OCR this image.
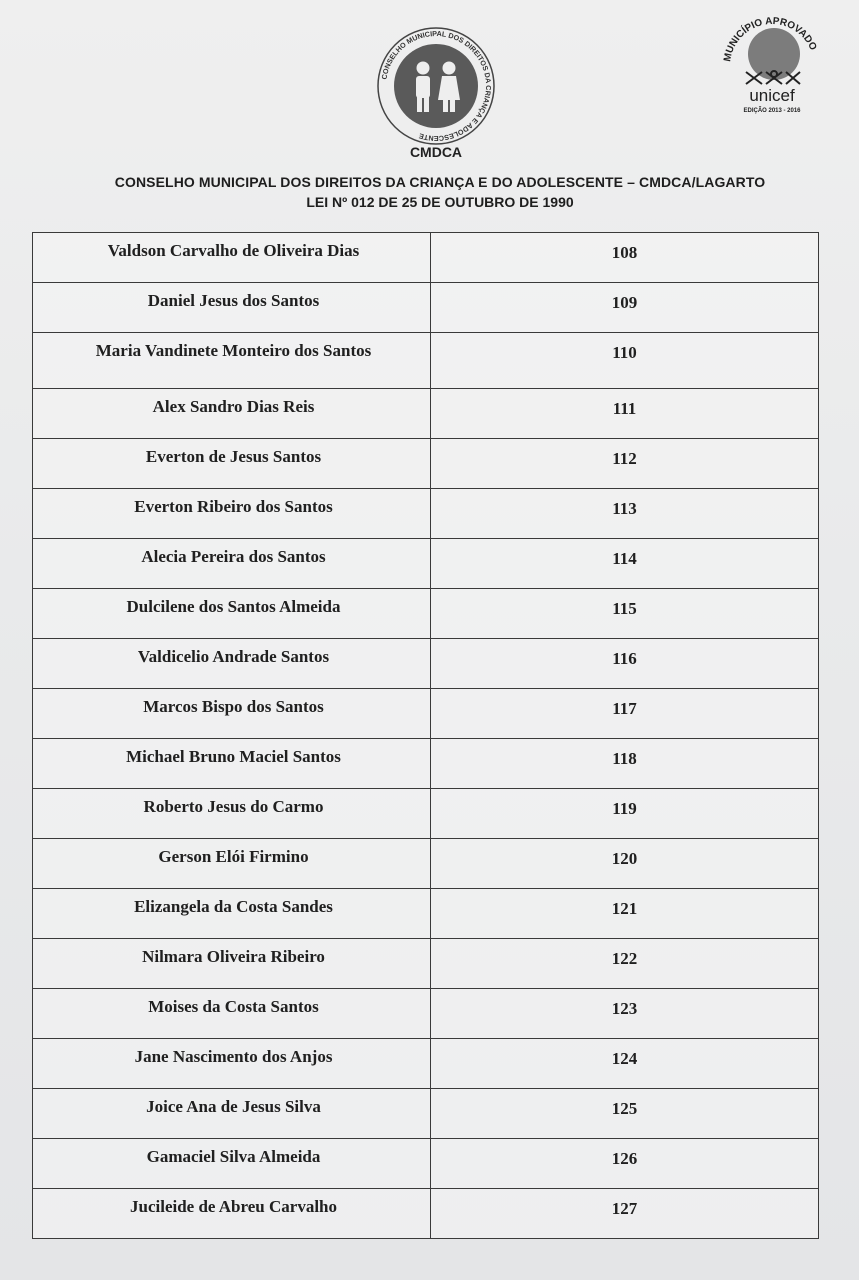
CONSELHO MUNICIPAL DOS DIREITOS DA CRIANÇA E ADOLESCENTE
CMDCA
MUNICÍPIO APROVADO
unicef
EDIÇÃO 2013 - 2016
CONSELHO MUNICIPAL DOS DIREITOS DA CRIANÇA E DO ADOLESCENTE – CMDCA/LAGARTO
LEI Nº 012 DE 25 DE OUTUBRO DE 1990
Valdson Carvalho de Oliveira Dias	108
Daniel Jesus dos Santos	109
Maria Vandinete Monteiro dos Santos	110
Alex Sandro Dias Reis	111
Everton de Jesus Santos	112
Everton Ribeiro dos Santos	113
Alecia Pereira dos Santos	114
Dulcilene dos Santos Almeida	115
Valdicelio Andrade Santos	116
Marcos Bispo dos Santos	117
Michael Bruno Maciel Santos	118
Roberto Jesus do Carmo	119
Gerson Elói Firmino	120
Elizangela da Costa Sandes	121
Nilmara Oliveira Ribeiro	122
Moises da Costa Santos	123
Jane Nascimento dos Anjos	124
Joice Ana de Jesus Silva	125
Gamaciel Silva Almeida	126
Jucileide de Abreu Carvalho	127
